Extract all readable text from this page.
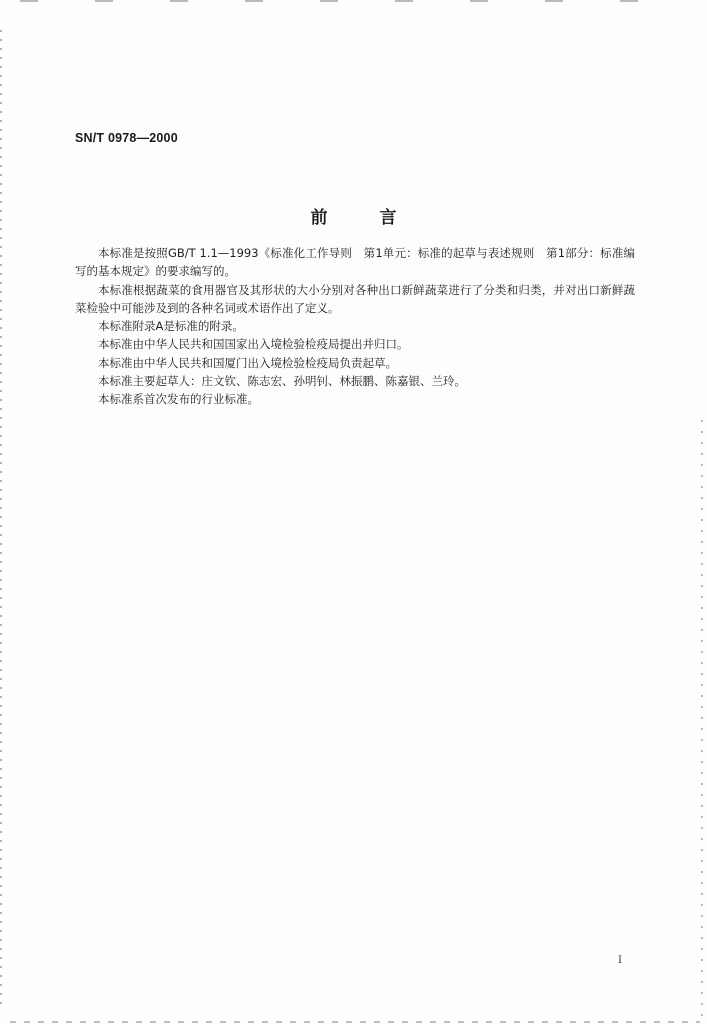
SN/T 0978—2000
前言

本标准是按照GB/T 1.1—1993《标准化工作导则　第1单元：标准的起草与表述规则　第1部分：标准编写的基本规定》的要求编写的。

本标准根据蔬菜的食用器官及其形状的大小分别对各种出口新鲜蔬菜进行了分类和归类，并对出口新鲜蔬菜检验中可能涉及到的各种名词或术语作出了定义。

本标准附录A是标准的附录。

本标准由中华人民共和国国家出入境检验检疫局提出并归口。

本标准由中华人民共和国厦门出入境检验检疫局负责起草。

本标准主要起草人：庄文钦、陈志宏、孙明钊、林振鹏、陈嘉银、兰玲。

本标准系首次发布的行业标准。

I
